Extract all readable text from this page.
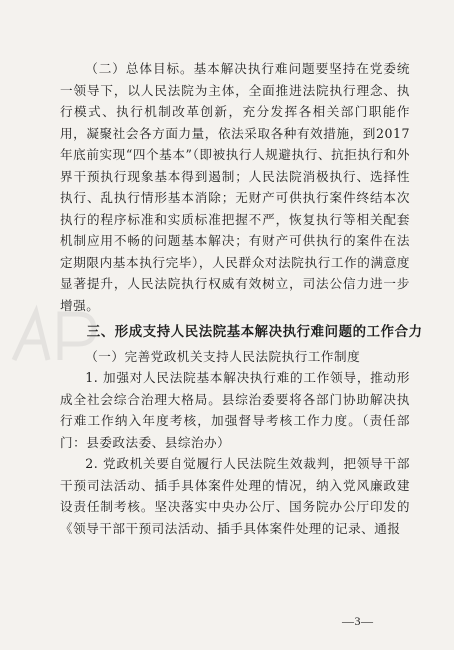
（二）总体目标。基本解决执行难问题要坚持在党委统一领导下，以人民法院为主体，全面推进法院执行理念、执行模式、执行机制改革创新，充分发挥各相关部门职能作用，凝聚社会各方面力量，依法采取各种有效措施，到2017年底前实现“四个基本”（即被执行人规避执行、抗拒执行和外界干预执行现象基本得到遏制；人民法院消极执行、选择性执行、乱执行情形基本消除；无财产可供执行案件终结本次执行的程序标准和实质标准把握不严，恢复执行等相关配套机制应用不畅的问题基本解决；有财产可供执行的案件在法定期限内基本执行完毕），人民群众对法院执行工作的满意度显著提升，人民法院执行权威有效树立，司法公信力进一步增强。

三、形成支持人民法院基本解决执行难问题的工作合力

（一）完善党政机关支持人民法院执行工作制度

1. 加强对人民法院基本解决执行难的工作领导，推动形成全社会综合治理大格局。县综治委要将各部门协助解决执行难工作纳入年度考核，加强督导考核工作力度。（责任部门：县委政法委、县综治办）

2. 党政机关要自觉履行人民法院生效裁判，把领导干部干预司法活动、插手具体案件处理的情况，纳入党风廉政建设责任制考核。坚决落实中央办公厅、国务院办公厅印发的《领导干部干预司法活动、插手具体案件处理的记录、通报

—3—
